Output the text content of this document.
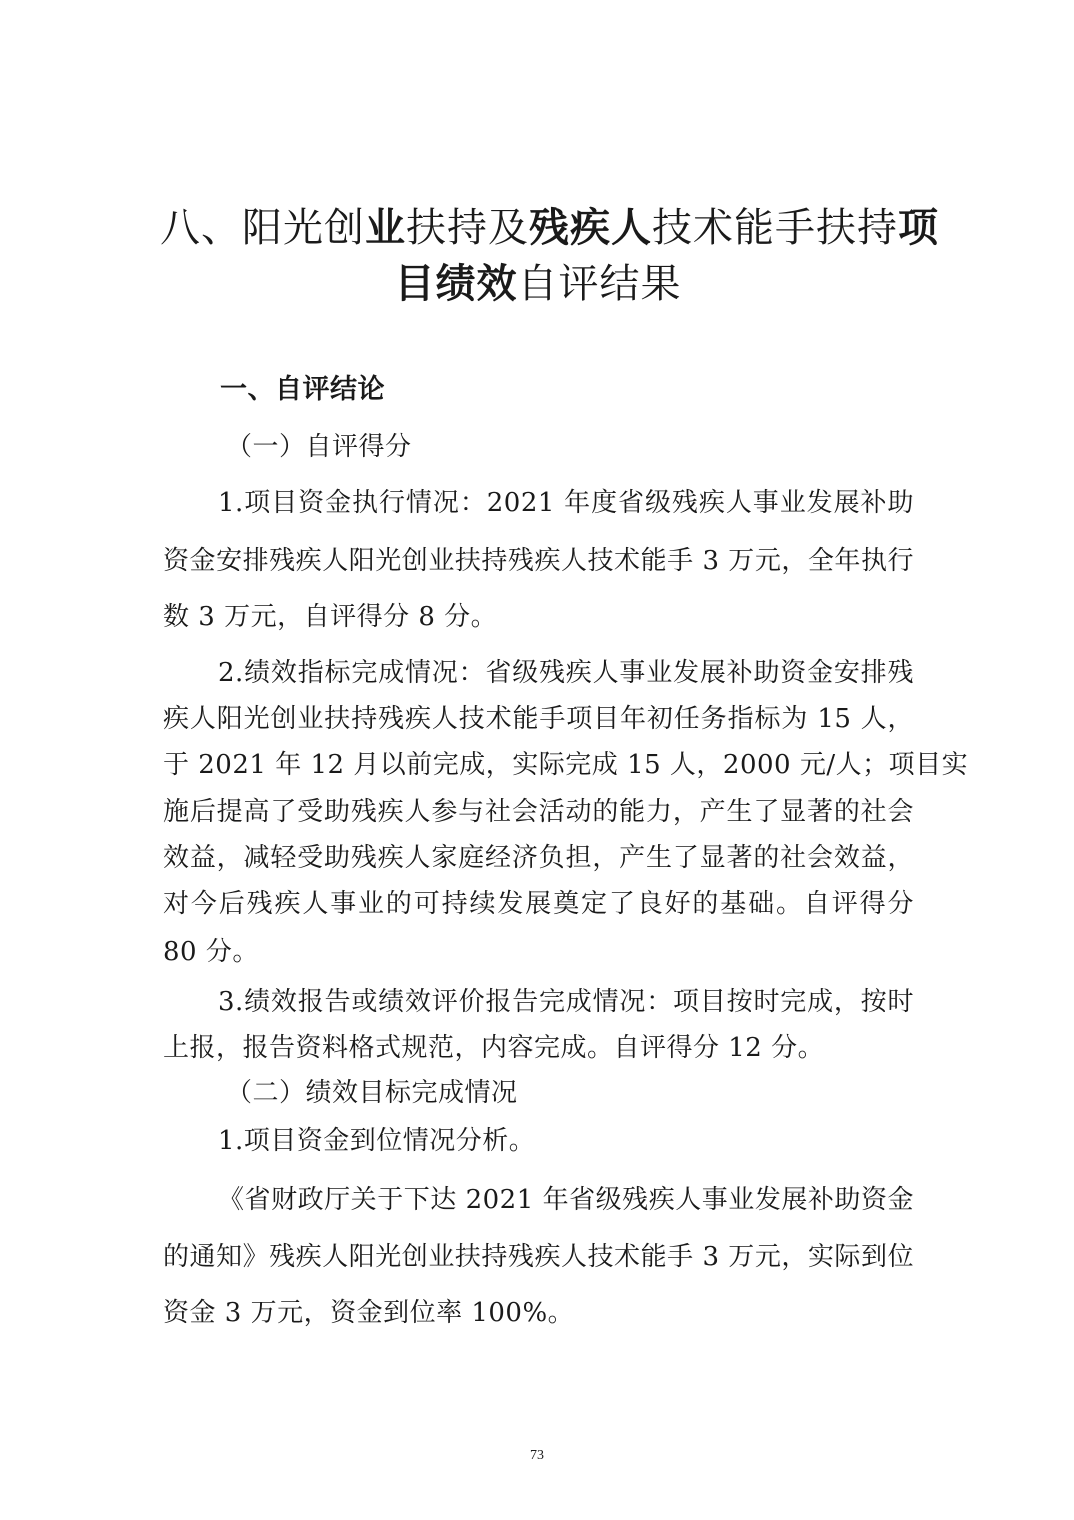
八、阳光创业扶持及残疾人技术能手扶持项
目绩效自评结果
一、自评结论
（一）自评得分
1.项目资金执行情况：2021 年度省级残疾人事业发展补助
资金安排残疾人阳光创业扶持残疾人技术能手 3 万元，全年执行
数 3 万元，自评得分 8 分。
2.绩效指标完成情况：省级残疾人事业发展补助资金安排残
疾人阳光创业扶持残疾人技术能手项目年初任务指标为 15 人，
于 2021 年 12 月以前完成，实际完成 15 人，2000 元/人；项目实
施后提高了受助残疾人参与社会活动的能力，产生了显著的社会
效益，减轻受助残疾人家庭经济负担，产生了显著的社会效益，
对今后残疾人事业的可持续发展奠定了良好的基础。自评得分
80 分。
3.绩效报告或绩效评价报告完成情况：项目按时完成，按时
上报，报告资料格式规范，内容完成。自评得分 12 分。
（二）绩效目标完成情况
1.项目资金到位情况分析。
《省财政厅关于下达 2021 年省级残疾人事业发展补助资金
的通知》残疾人阳光创业扶持残疾人技术能手 3 万元，实际到位
资金 3 万元，资金到位率 100%。
73
